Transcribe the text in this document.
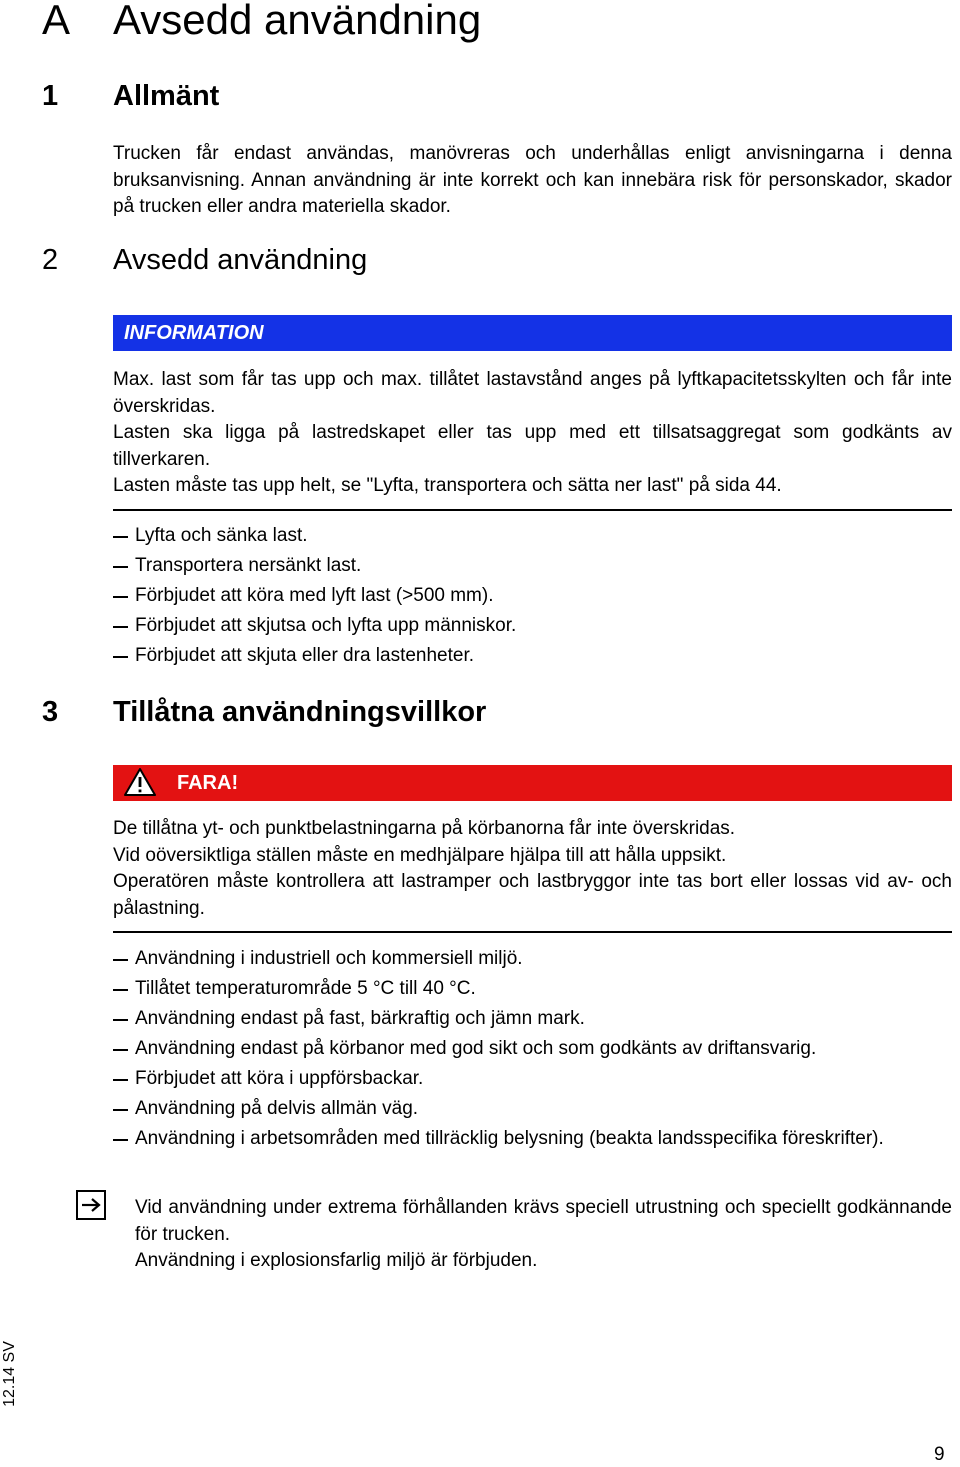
A Avsedd användning
1 Allmänt
Trucken får endast användas, manövreras och underhållas enligt anvisningarna i denna bruksanvisning. Annan användning är inte korrekt och kan innebära risk för personskador, skador på trucken eller andra materiella skador.
2 Avsedd användning
INFORMATION
Max. last som får tas upp och max. tillåtet lastavstånd anges på lyftkapacitetsskylten och får inte överskridas.
Lasten ska ligga på lastredskapet eller tas upp med ett tillsatsaggregat som godkänts av tillverkaren.
Lasten måste tas upp helt, se "Lyfta, transportera och sätta ner last" på sida 44.
Lyfta och sänka last.
Transportera nersänkt last.
Förbjudet att köra med lyft last (>500 mm).
Förbjudet att skjutsa och lyfta upp människor.
Förbjudet att skjuta eller dra lastenheter.
3 Tillåtna användningsvillkor
FARA!
De tillåtna yt- och punktbelastningarna på körbanorna får inte överskridas.
Vid oöversiktliga ställen måste en medhjälpare hjälpa till att hålla uppsikt.
Operatören måste kontrollera att lastramper och lastbryggor inte tas bort eller lossas vid av- och pålastning.
Användning i industriell och kommersiell miljö.
Tillåtet temperaturområde 5 °C till 40 °C.
Användning endast på fast, bärkraftig och jämn mark.
Användning endast på körbanor med god sikt och som godkänts av driftansvarig.
Förbjudet att köra i uppförsbackar.
Användning på delvis allmän väg.
Användning i arbetsområden med tillräcklig belysning (beakta landsspecifika föreskrifter).
Vid användning under extrema förhållanden krävs speciell utrustning och speciellt godkännande för trucken.
Användning i explosionsfarlig miljö är förbjuden.
12.14 SV
9
